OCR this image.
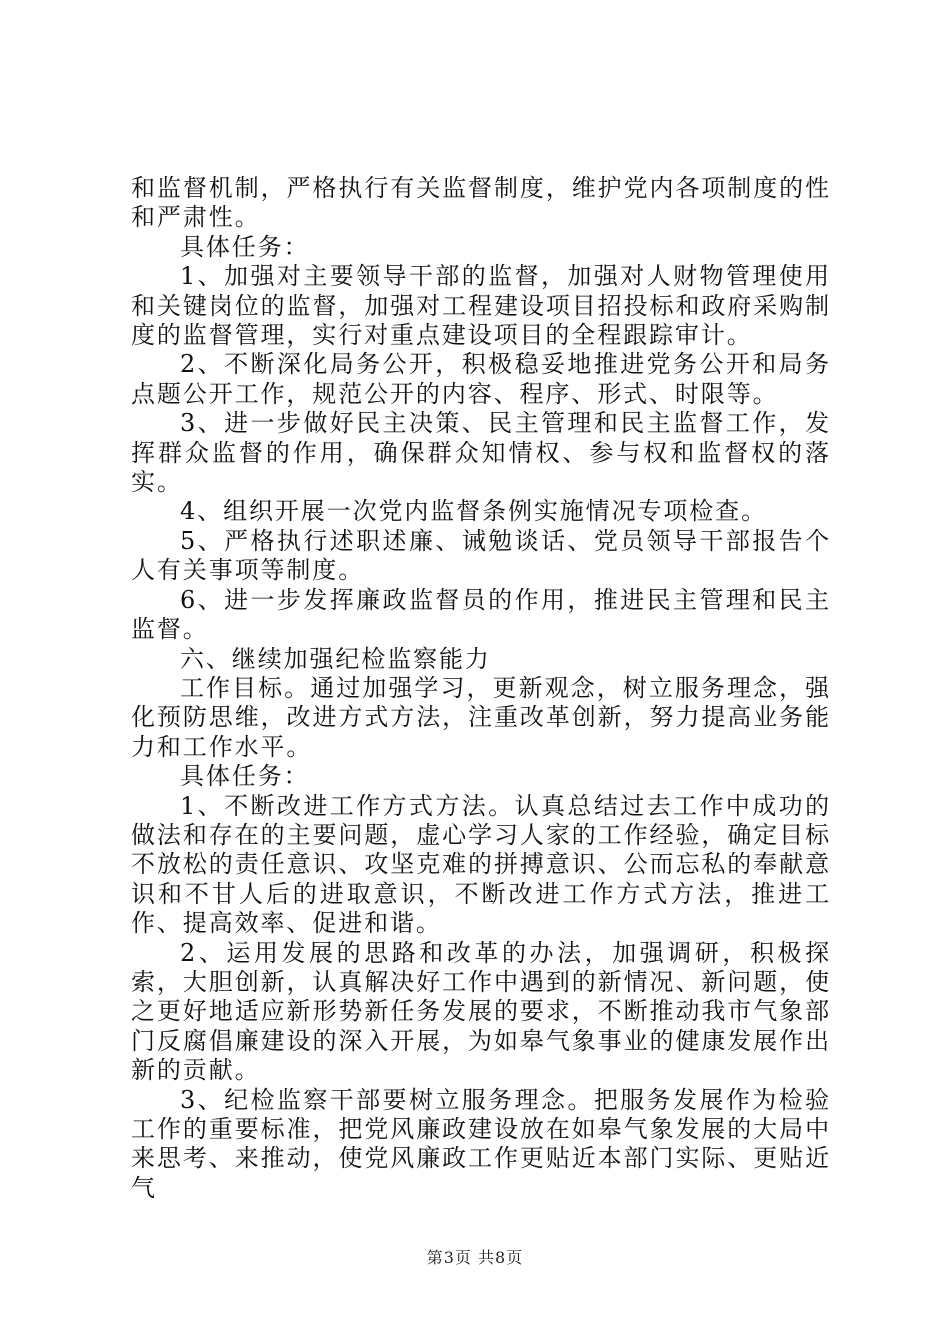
和监督机制，严格执行有关监督制度，维护党内各项制度的性和严肃性。

具体任务：

1、加强对主要领导干部的监督，加强对人财物管理使用和关键岗位的监督，加强对工程建设项目招投标和政府采购制度的监督管理，实行对重点建设项目的全程跟踪审计。

2、不断深化局务公开，积极稳妥地推进党务公开和局务点题公开工作，规范公开的内容、程序、形式、时限等。

3、进一步做好民主决策、民主管理和民主监督工作，发挥群众监督的作用，确保群众知情权、参与权和监督权的落实。

4、组织开展一次党内监督条例实施情况专项检查。

5、严格执行述职述廉、诫勉谈话、党员领导干部报告个人有关事项等制度。

6、进一步发挥廉政监督员的作用，推进民主管理和民主监督。

六、继续加强纪检监察能力

工作目标。通过加强学习，更新观念，树立服务理念，强化预防思维，改进方式方法，注重改革创新，努力提高业务能力和工作水平。

具体任务：

1、不断改进工作方式方法。认真总结过去工作中成功的做法和存在的主要问题，虚心学习人家的工作经验，确定目标不放松的责任意识、攻坚克难的拼搏意识、公而忘私的奉献意识和不甘人后的进取意识，不断改进工作方式方法，推进工作、提高效率、促进和谐。

2、运用发展的思路和改革的办法，加强调研，积极探索，大胆创新，认真解决好工作中遇到的新情况、新问题，使之更好地适应新形势新任务发展的要求，不断推动我市气象部门反腐倡廉建设的深入开展，为如皋气象事业的健康发展作出新的贡献。

3、纪检监察干部要树立服务理念。把服务发展作为检验工作的重要标准，把党风廉政建设放在如皋气象发展的大局中来思考、来推动，使党风廉政工作更贴近本部门实际、更贴近气

第3页 共8页
